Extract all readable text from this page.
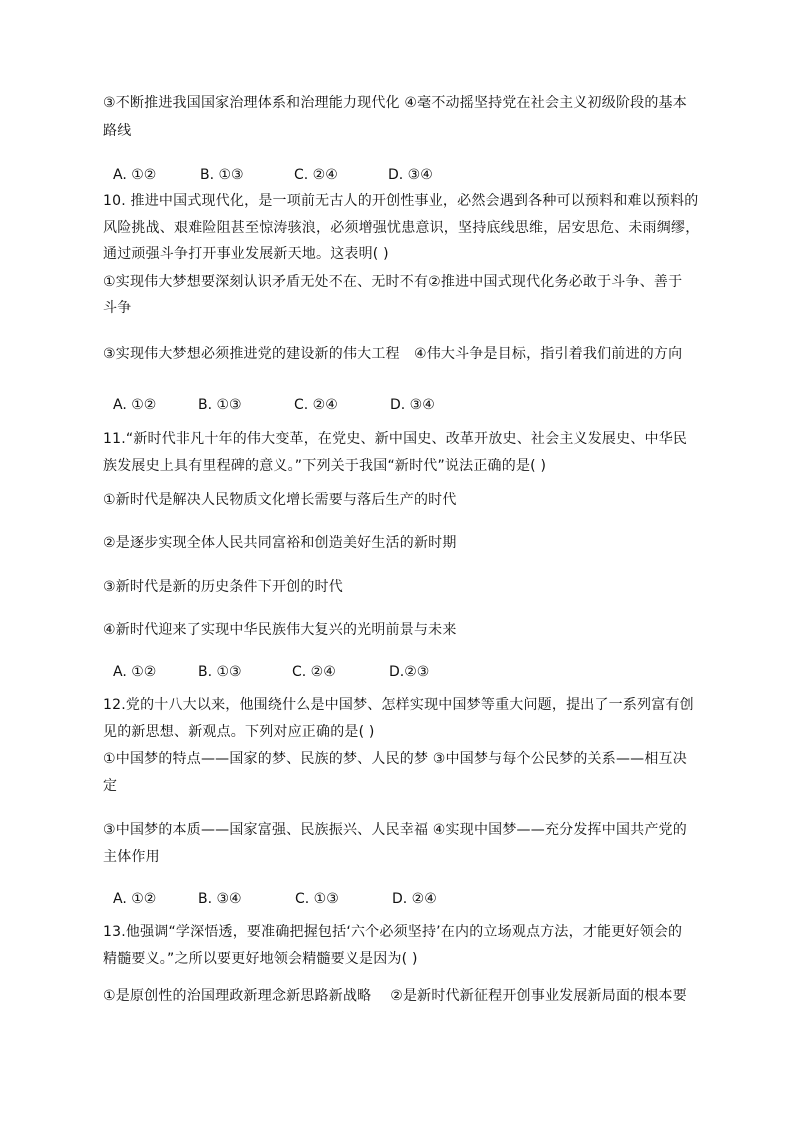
③不断推进我国国家治理体系和治理能力现代化 ④毫不动摇坚持党在社会主义初级阶段的基本
路线
A. ①②	B. ①③	C. ②④	D. ③④
10. 推进中国式现代化，是一项前无古人的开创性事业，必然会遇到各种可以预料和难以预料的
风险挑战、艰难险阻甚至惊涛骇浪，必须增强忧患意识，坚持底线思维，居安思危、未雨绸缪，
通过顽强斗争打开事业发展新天地。这表明( )
①实现伟大梦想要深刻认识矛盾无处不在、无时不有②推进中国式现代化务必敢于斗争、善于
斗争
③实现伟大梦想必须推进党的建设新的伟大工程　④伟大斗争是目标，指引着我们前进的方向
A. ①②	B. ①③	C. ②④	D. ③④
11.“新时代非凡十年的伟大变革，在党史、新中国史、改革开放史、社会主义发展史、中华民
族发展史上具有里程碑的意义。”下列关于我国“新时代”说法正确的是( )
①新时代是解决人民物质文化增长需要与落后生产的时代
②是逐步实现全体人民共同富裕和创造美好生活的新时期
③新时代是新的历史条件下开创的时代
④新时代迎来了实现中华民族伟大复兴的光明前景与未来
A. ①②	B. ①③	C. ②④	D.②③
12.党的十八大以来，他围绕什么是中国梦、怎样实现中国梦等重大问题，提出了一系列富有创
见的新思想、新观点。下列对应正确的是( )
①中国梦的特点——国家的梦、民族的梦、人民的梦 ③中国梦与每个公民梦的关系——相互决
定
③中国梦的本质——国家富强、民族振兴、人民幸福 ④实现中国梦——充分发挥中国共产党的
主体作用
A. ①②	B. ③④	C. ①③	D. ②④
13.他强调“学深悟透，要准确把握包括‘六个必须坚持’在内的立场观点方法，才能更好领会的
精髓要义。”之所以要更好地领会精髓要义是因为( )
①是原创性的治国理政新理念新思路新战略　 ②是新时代新征程开创事业发展新局面的根本要
